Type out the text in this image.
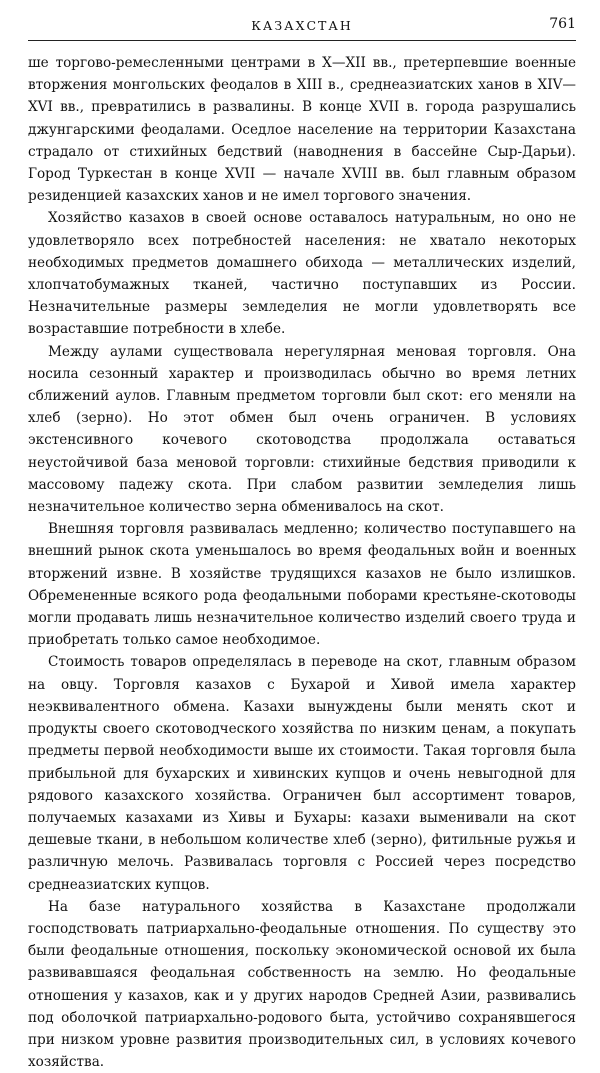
КАЗАХСТАН	761

ше торгово-ремесленными центрами в X—XII вв., претерпевшие военные вторжения монгольских феодалов в XIII в., среднеазиатских ханов в XIV—XVI вв., превратились в развалины. В конце XVII в. города разрушались джунгарскими феодалами. Оседлое население на территории Казахстана страдало от стихийных бедствий (наводнения в бассейне Сыр-Дарьи). Город Туркестан в конце XVII — начале XVIII вв. был главным образом резиденцией казахских ханов и не имел торгового значения.

Хозяйство казахов в своей основе оставалось натуральным, но оно не удовлетворяло всех потребностей населения: не хватало некоторых необходимых предметов домашнего обихода — металлических изделий, хлопчатобумажных тканей, частично поступавших из России. Незначительные размеры земледелия не могли удовлетворять все возраставшие потребности в хлебе.

Между аулами существовала нерегулярная меновая торговля. Она носила сезонный характер и производилась обычно во время летних сближений аулов. Главным предметом торговли был скот: его меняли на хлеб (зерно). Но этот обмен был очень ограничен. В условиях экстенсивного кочевого скотоводства продолжала оставаться неустойчивой база меновой торговли: стихийные бедствия приводили к массовому падежу скота. При слабом развитии земледелия лишь незначительное количество зерна обменивалось на скот.

Внешняя торговля развивалась медленно; количество поступавшего на внешний рынок скота уменьшалось во время феодальных войн и военных вторжений извне. В хозяйстве трудящихся казахов не было излишков. Обремененные всякого рода феодальными поборами крестьяне-скотоводы могли продавать лишь незначительное количество изделий своего труда и приобретать только самое необходимое.

Стоимость товаров определялась в переводе на скот, главным образом на овцу. Торговля казахов с Бухарой и Хивой имела характер неэквивалентного обмена. Казахи вынуждены были менять скот и продукты своего скотоводческого хозяйства по низким ценам, а покупать предметы первой необходимости выше их стоимости. Такая торговля была прибыльной для бухарских и хивинских купцов и очень невыгодной для рядового казахского хозяйства. Ограничен был ассортимент товаров, получаемых казахами из Хивы и Бухары: казахи выменивали на скот дешевые ткани, в небольшом количестве хлеб (зерно), фитильные ружья и различную мелочь. Развивалась торговля с Россией через посредство среднеазиатских купцов.

На базе натурального хозяйства в Казахстане продолжали господствовать патриархально-феодальные отношения. По существу это были феодальные отношения, поскольку экономической основой их была развивавшаяся феодальная собственность на землю. Но феодальные отношения у казахов, как и у других народов Средней Азии, развивались под оболочкой патриархально-родового быта, устойчиво сохранявшегося при низком уровне развития производительных сил, в условиях кочевого хозяйства.
